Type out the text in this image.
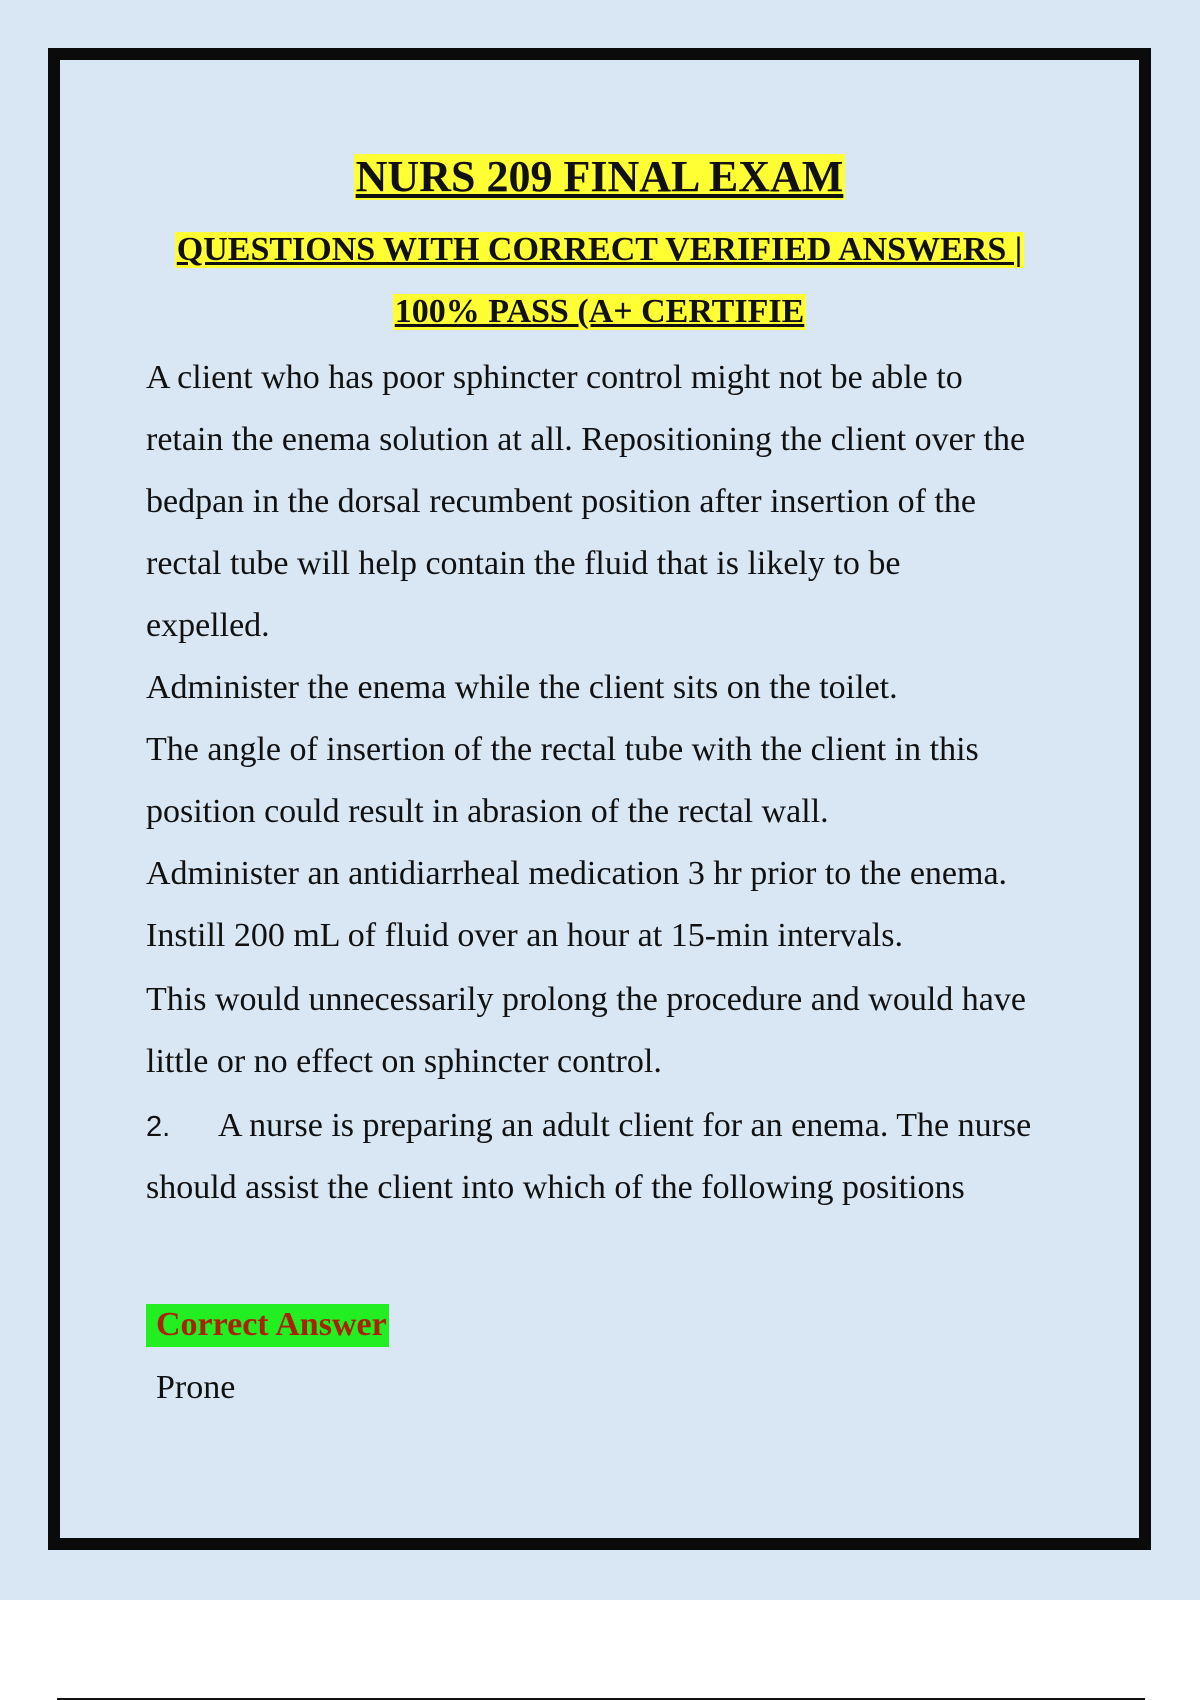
NURS 209 FINAL EXAM
QUESTIONS WITH CORRECT VERIFIED ANSWERS |
100% PASS (A+ CERTIFIE
A client who has poor sphincter control might not be able to
retain the enema solution at all. Repositioning the client over the
bedpan in the dorsal recumbent position after insertion of the
rectal tube will help contain the fluid that is likely to be
expelled.
Administer the enema while the client sits on the toilet.
The angle of insertion of the rectal tube with the client in this
position could result in abrasion of the rectal wall.
Administer an antidiarrheal medication 3 hr prior to the enema.
Instill 200 mL of fluid over an hour at 15-min intervals.
This would unnecessarily prolong the procedure and would have
little or no effect on sphincter control.
2. A nurse is preparing an adult client for an enema. The nurse
should assist the client into which of the following positions
Correct Answer
Prone
